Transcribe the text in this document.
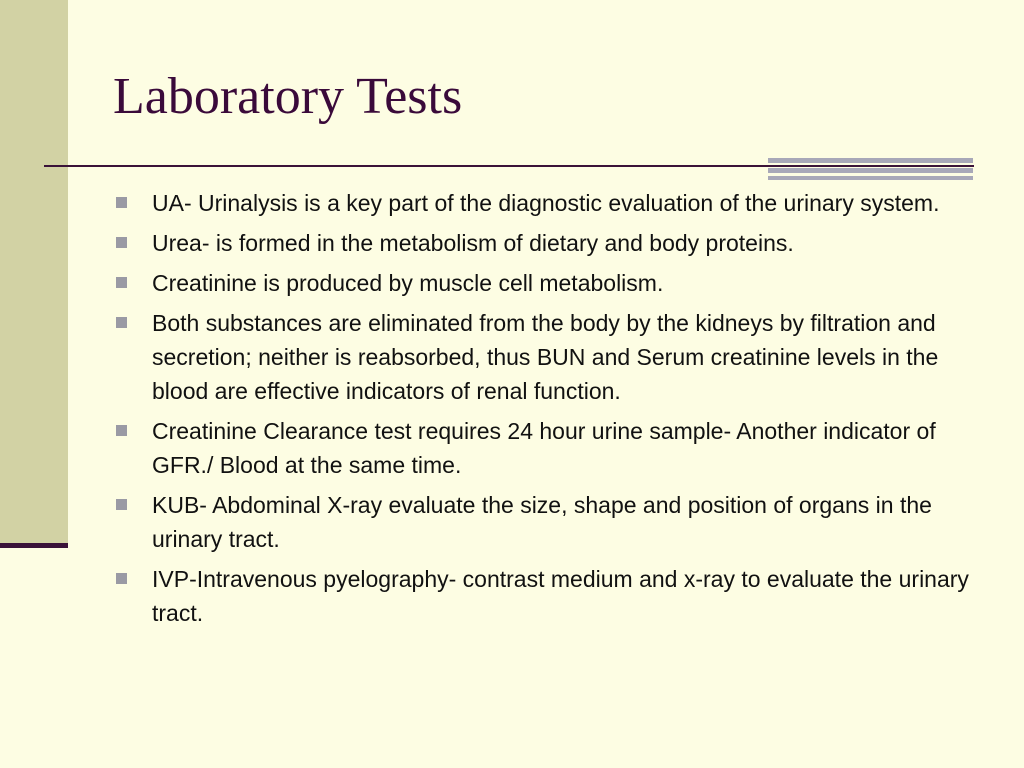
Laboratory Tests
UA- Urinalysis is a key part of the diagnostic evaluation of the urinary system.
Urea- is formed in the metabolism of dietary and body proteins.
Creatinine is produced by muscle cell metabolism.
Both substances are eliminated from the body by the kidneys by filtration and secretion; neither is reabsorbed, thus BUN and Serum creatinine levels in the blood are effective indicators of renal function.
Creatinine Clearance test requires 24 hour urine sample- Another indicator of GFR./ Blood at the same time.
KUB- Abdominal X-ray evaluate the size, shape and position of organs in the urinary tract.
IVP-Intravenous pyelography- contrast medium and x-ray to evaluate the urinary tract.
